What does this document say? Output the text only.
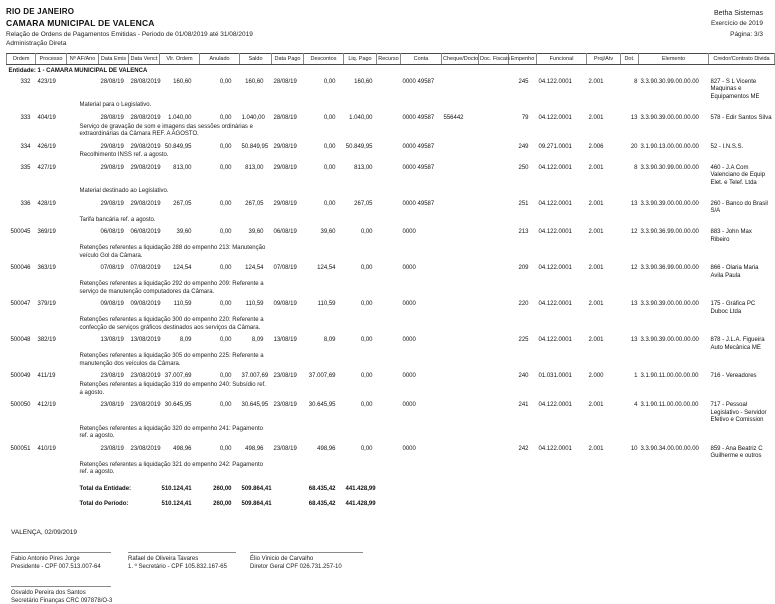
RIO DE JANEIRO
CAMARA MUNICIPAL DE VALENCA
Relação de Ordens de Pagamentos Emitidas - Periodo de 01/08/2019 até 31/08/2019
Administração Direta
Betha Sistemas
Exercício de 2019
Página: 3/3
Ordem	Processo	Nº AF/Ano	Data Emis	Data Venct	Vlr. Ordem	Anulado	Saldo	Data Pago	Descontos	Liq. Pago	Recurso	Conta	Cheque/Docto	Doc. Fiscais	Empenho	Funcional	Proj/Atv	Dot.	Elemento	Credor/Contrato Divida
Entidade: 1 - CAMARA MUNICIPAL DE VALENCA																				
332	423/19		28/08/19	28/08/2019	160,60	0,00	160,60	28/08/19	0,00	160,60		0000 49587			245	04.122.0001	2.001	8	3.3.90.30.99.00.00.00	827 - S L Vicente Maquinas e Equipamentos ME
		Material para o Legislativo.																		
333	404/19		28/08/19	28/08/2019	1.040,00	0,00	1.040,00	28/08/19	0,00	1.040,00		0000 49587	556442		79	04.122.0001	2.001	13	3.3.90.39.00.00.00.00	578 - Edir Santos Silva
		Serviço de gravação de som e imagens das sessões ordinárias e extraordinárias da Câmara REF. A AGOSTO.																		
334	426/19		29/08/19	29/08/2019	50.849,95	0,00	50.849,95	29/08/19	0,00	50.849,95		0000 49587			249	09.271.0001	2.006	20	3.1.90.13.00.00.00.00	52 - I.N.S.S.
		Recolhimento INSS ref. a agosto.																		
335	427/19		29/08/19	29/08/2019	813,00	0,00	813,00	29/08/19	0,00	813,00		0000 49587			250	04.122.0001	2.001	8	3.3.90.30.99.00.00.00	460 - J.A Com Valenciano de Equip Elet. e Telef. Ltda
		Material destinado ao Legislativo.																		
336	428/19		29/08/19	29/08/2019	267,05	0,00	267,05	29/08/19	0,00	267,05		0000 49587			251	04.122.0001	2.001	13	3.3.90.39.00.00.00.00	260 - Banco do Brasil S/A
		Tarifa bancária ref. a agosto.																		
500045	369/19		06/08/19	06/08/2019	39,60	0,00	39,60	06/08/19	39,60	0,00		0000			213	04.122.0001	2.001	12	3.3.90.36.99.00.00.00	883 - John Max Ribeiro
		Retenções referentes a liquidação 288 do empenho 213: Manutenção veículo Gol da Câmara.																		
500046	363/19		07/08/19	07/08/2019	124,54	0,00	124,54	07/08/19	124,54	0,00		0000			209	04.122.0001	2.001	12	3.3.90.36.99.00.00.00	866 - Olaria Maria Avila Paula
		Retenções referentes a liquidação 292 do empenho 209: Referente a serviço de manutenção computadores da Câmara.																		
500047	379/19		09/08/19	09/08/2019	110,59	0,00	110,59	09/08/19	110,59	0,00		0000			220	04.122.0001	2.001	13	3.3.90.39.00.00.00.00	175 - Gráfica PC Duboc Ltda
		Retenções referentes a liquidação 300 do empenho 220: Referente a confecção de serviços gráficos destinados aos serviços da Câmara.																		
500048	382/19		13/08/19	13/08/2019	8,09	0,00	8,09	13/08/19	8,09	0,00		0000			225	04.122.0001	2.001	13	3.3.90.39.00.00.00.00	878 - J.L.A. Figueira Auto Mecânica ME
		Retenções referentes a liquidação 305 do empenho 225: Referente a manutenção dos veículos da Câmara.																		
500049	411/19		23/08/19	23/08/2019	37.007,69	0,00	37.007,69	23/08/19	37.007,69	0,00		0000			240	01.031.0001	2.000	1	3.1.90.11.00.00.00.00	716 - Vereadores
		Retenções referentes a liquidação 319 do empenho 240: Subsídio ref. a agosto.																		
500050	412/19		23/08/19	23/08/2019	30.645,95	0,00	30.645,95	23/08/19	30.645,95	0,00		0000			241	04.122.0001	2.001	4	3.1.90.11.00.00.00.00	717 - Pessoal Legislativo - Servidor Efetivo e Comission
		Retenções referentes a liquidação 320 do empenho 241: Pagamento ref. a agosto.																		
500051	410/19		23/08/19	23/08/2019	498,96	0,00	498,96	23/08/19	498,96	0,00		0000			242	04.122.0001	2.001	10	3.3.90.34.00.00.00.00	859 - Ana Beatriz C Guilherme e outros
		Retenções referentes a liquidação 321 do empenho 242: Pagamento ref. a agosto.																		
		Total da Entidade:			510.124,41	260,00	509.864,41		68.435,42	441.428,99										
		Total do Período:			510.124,41	260,00	509.864,41		68.435,42	441.428,99										
VALENÇA, 02/09/2019
Fabio Antonio Pires Jorge
Presidente - CPF 007.513.007-64
Rafael de Oliveira Tavares
1. º Secretário - CPF 105.832.167-65
Élio Vinicio de Carvalho
Diretor Geral CPF 026.731.257-10
Osvaldo Pereira dos Santos
Secretário Finanças CRC 097878/O-3
